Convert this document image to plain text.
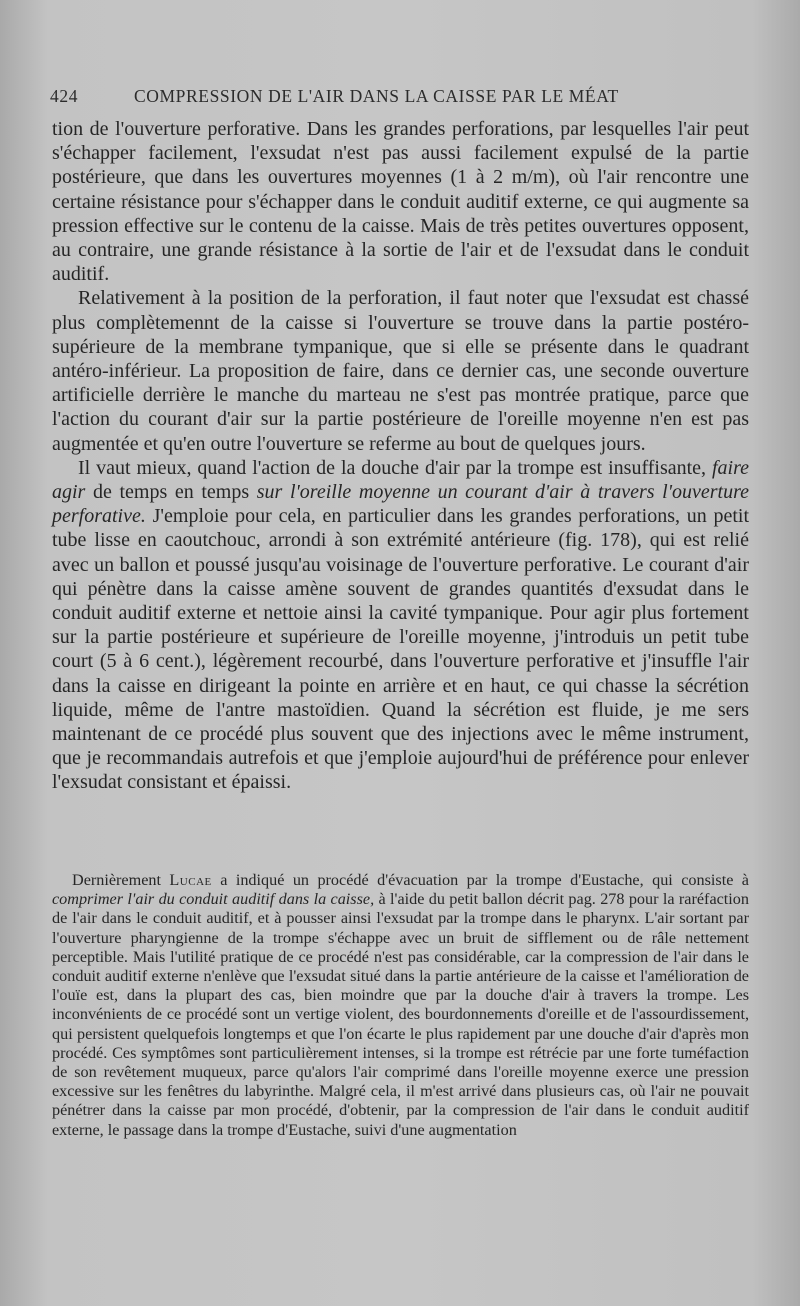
424	COMPRESSION DE L'AIR DANS LA CAISSE PAR LE MÉAT

tion de l'ouverture perforative. Dans les grandes perforations, par lesquelles l'air peut s'échapper facilement, l'exsudat n'est pas aussi facilement expulsé de la partie postérieure, que dans les ouvertures moyennes (1 à 2 m/m), où l'air rencontre une certaine résistance pour s'échapper dans le conduit auditif externe, ce qui augmente sa pression effective sur le contenu de la caisse. Mais de très petites ouvertures opposent, au contraire, une grande résistance à la sortie de l'air et de l'exsudat dans le conduit auditif.

Relativement à la position de la perforation, il faut noter que l'exsudat est chassé plus complètemennt de la caisse si l'ouverture se trouve dans la partie postéro-supérieure de la membrane tympanique, que si elle se présente dans le quadrant antéro-inférieur. La proposition de faire, dans ce dernier cas, une seconde ouverture artificielle derrière le manche du marteau ne s'est pas montrée pratique, parce que l'action du courant d'air sur la partie postérieure de l'oreille moyenne n'en est pas augmentée et qu'en outre l'ouverture se referme au bout de quelques jours.

Il vaut mieux, quand l'action de la douche d'air par la trompe est insuffisante, faire agir de temps en temps sur l'oreille moyenne un courant d'air à travers l'ouverture perforative. J'emploie pour cela, en particulier dans les grandes perforations, un petit tube lisse en caoutchouc, arrondi à son extrémité antérieure (fig. 178), qui est relié avec un ballon et poussé jusqu'au voisinage de l'ouverture perforative. Le courant d'air qui pénètre dans la caisse amène souvent de grandes quantités d'exsudat dans le conduit auditif externe et nettoie ainsi la cavité tympanique. Pour agir plus fortement sur la partie postérieure et supérieure de l'oreille moyenne, j'introduis un petit tube court (5 à 6 cent.), légèrement recourbé, dans l'ouverture perforative et j'insuffle l'air dans la caisse en dirigeant la pointe en arrière et en haut, ce qui chasse la sécrétion liquide, même de l'antre mastoïdien. Quand la sécrétion est fluide, je me sers maintenant de ce procédé plus souvent que des injections avec le même instrument, que je recommandais autrefois et que j'emploie aujourd'hui de préférence pour enlever l'exsudat consistant et épaissi.

Dernièrement Lucae a indiqué un procédé d'évacuation par la trompe d'Eustache, qui consiste à comprimer l'air du conduit auditif dans la caisse, à l'aide du petit ballon décrit pag. 278 pour la raréfaction de l'air dans le conduit auditif, et à pousser ainsi l'exsudat par la trompe dans le pharynx. L'air sortant par l'ouverture pharyngienne de la trompe s'échappe avec un bruit de sifflement ou de râle nettement perceptible. Mais l'utilité pratique de ce procédé n'est pas considérable, car la compression de l'air dans le conduit auditif externe n'enlève que l'exsudat situé dans la partie antérieure de la caisse et l'amélioration de l'ouïe est, dans la plupart des cas, bien moindre que par la douche d'air à travers la trompe. Les inconvénients de ce procédé sont un vertige violent, des bourdonnements d'oreille et de l'assourdissement, qui persistent quelquefois longtemps et que l'on écarte le plus rapidement par une douche d'air d'après mon procédé. Ces symptômes sont particulièrement intenses, si la trompe est rétrécie par une forte tuméfaction de son revêtement muqueux, parce qu'alors l'air comprimé dans l'oreille moyenne exerce une pression excessive sur les fenêtres du labyrinthe. Malgré cela, il m'est arrivé dans plusieurs cas, où l'air ne pouvait pénétrer dans la caisse par mon procédé, d'obtenir, par la compression de l'air dans le conduit auditif externe, le passage dans la trompe d'Eustache, suivi d'une augmentation
